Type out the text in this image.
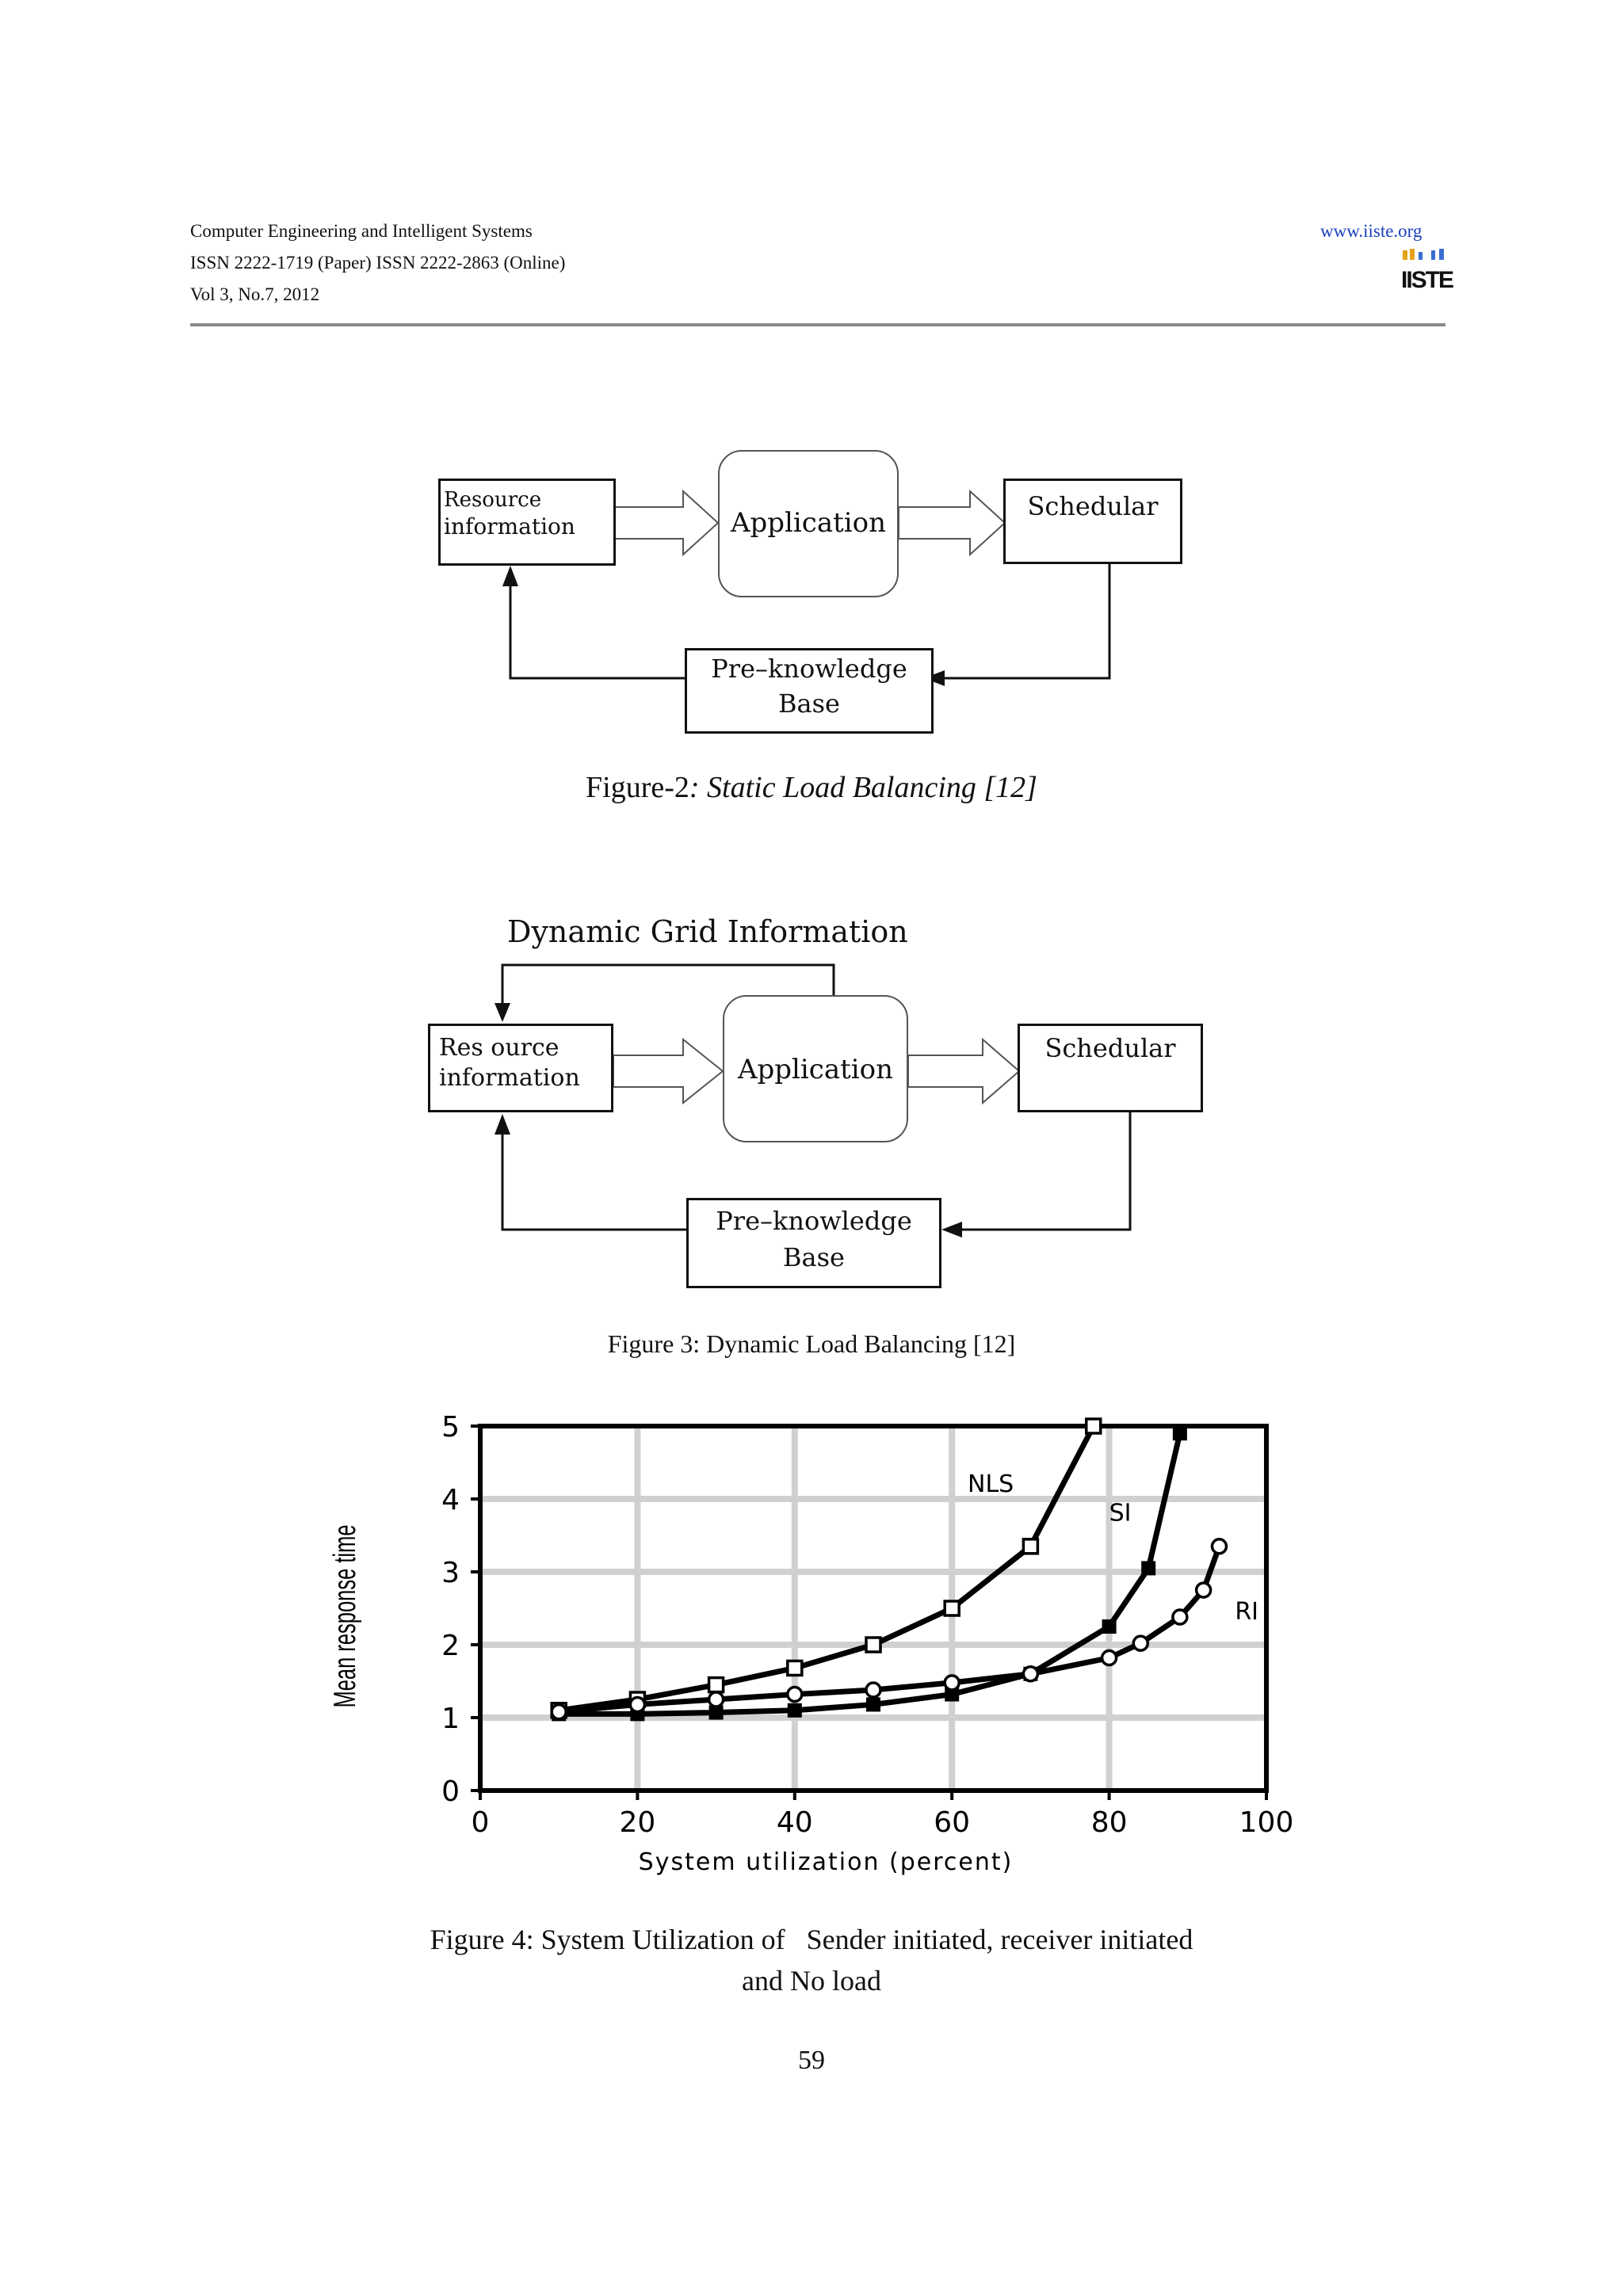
Computer Engineering and Intelligent Systems
ISSN 2222-1719 (Paper) ISSN 2222-2863 (Online)
Vol 3, No.7, 2012
www.iiste.org
IISTE
Resource
information	Application
Schedular
Pre–knowledge
Base
Figure-2: Static Load Balancing [12]
Dynamic Grid Information
Res ource
information	Application
Schedular
Pre–knowledge
Base
Figure 3: Dynamic Load Balancing [12]
0	20	40	60	80	100
0
1
2
3
4
5
System utilization (percent)
Mean response time
NLS
SI
RI
Figure 4: System Utilization of   Sender initiated, receiver initiated
and No load
59
